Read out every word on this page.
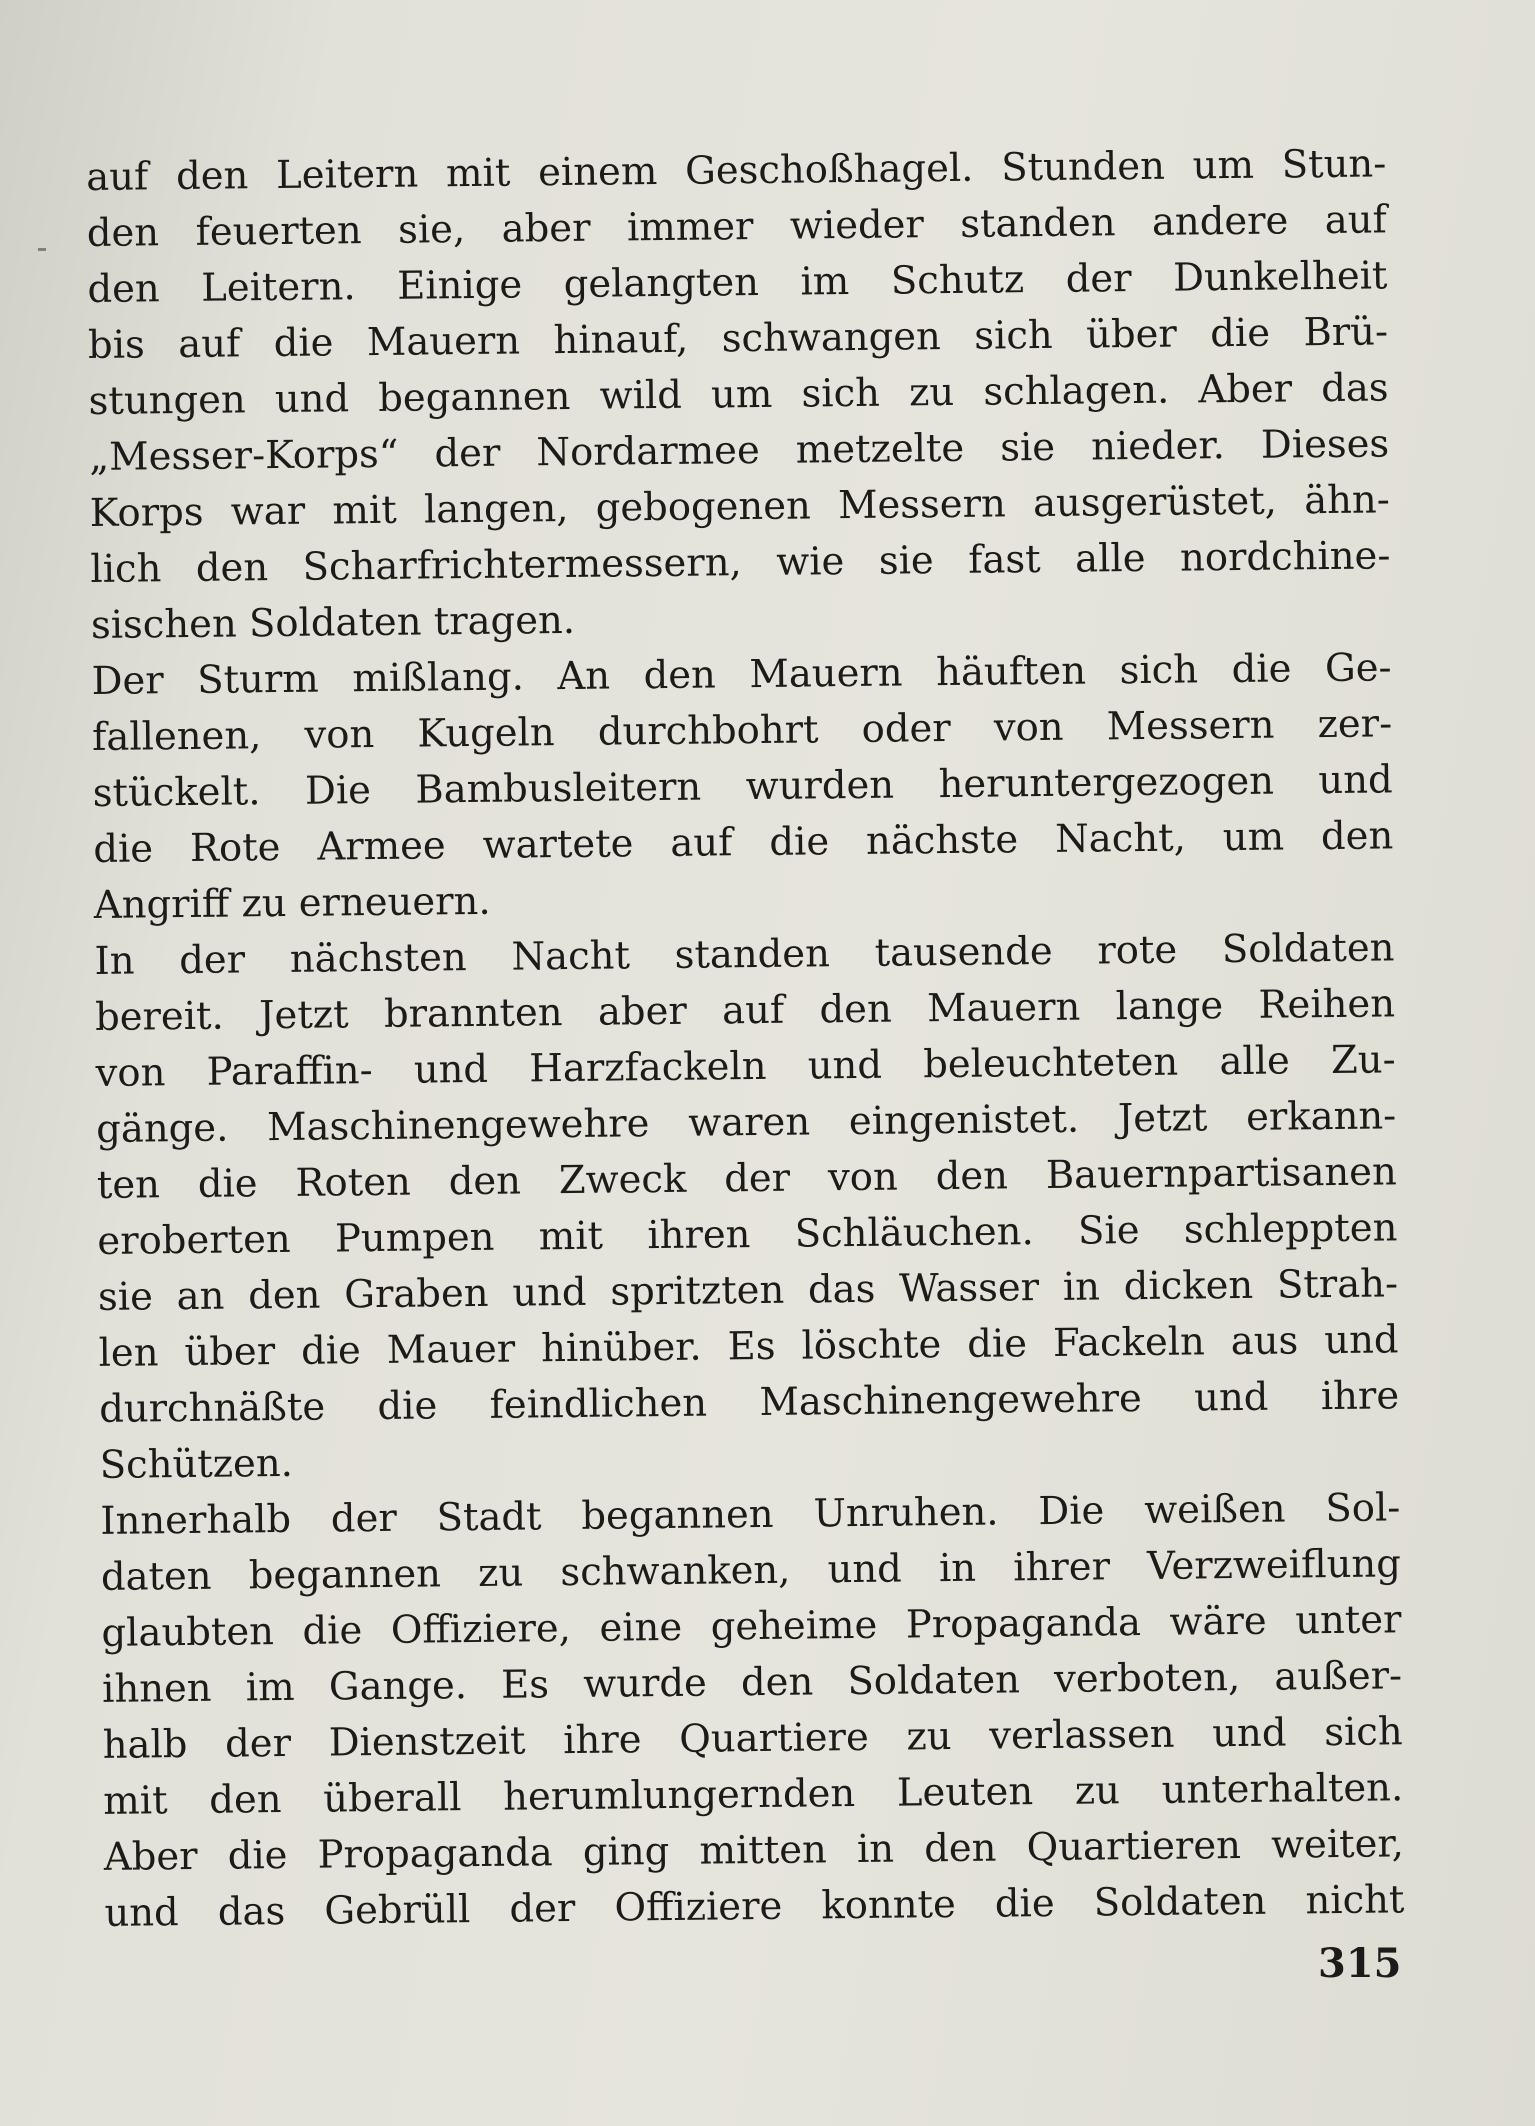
auf den Leitern mit einem Geschoßhagel. Stunden um Stun-
den feuerten sie, aber immer wieder standen andere auf
den Leitern. Einige gelangten im Schutz der Dunkelheit
bis auf die Mauern hinauf, schwangen sich über die Brü-
stungen und begannen wild um sich zu schlagen. Aber das
„Messer-Korps“ der Nordarmee metzelte sie nieder. Dieses
Korps war mit langen, gebogenen Messern ausgerüstet, ähn-
lich den Scharfrichtermessern, wie sie fast alle nordchine-
sischen Soldaten tragen.
Der Sturm mißlang. An den Mauern häuften sich die Ge-
fallenen, von Kugeln durchbohrt oder von Messern zer-
stückelt. Die Bambusleitern wurden heruntergezogen und
die Rote Armee wartete auf die nächste Nacht, um den
Angriff zu erneuern.
In der nächsten Nacht standen tausende rote Soldaten
bereit. Jetzt brannten aber auf den Mauern lange Reihen
von Paraffin- und Harzfackeln und beleuchteten alle Zu-
gänge. Maschinengewehre waren eingenistet. Jetzt erkann-
ten die Roten den Zweck der von den Bauernpartisanen
eroberten Pumpen mit ihren Schläuchen. Sie schleppten
sie an den Graben und spritzten das Wasser in dicken Strah-
len über die Mauer hinüber. Es löschte die Fackeln aus und
durchnäßte die feindlichen Maschinengewehre und ihre
Schützen.
Innerhalb der Stadt begannen Unruhen. Die weißen Sol-
daten begannen zu schwanken, und in ihrer Verzweiflung
glaubten die Offiziere, eine geheime Propaganda wäre unter
ihnen im Gange. Es wurde den Soldaten verboten, außer-
halb der Dienstzeit ihre Quartiere zu verlassen und sich
mit den überall herumlungernden Leuten zu unterhalten.
Aber die Propaganda ging mitten in den Quartieren weiter,
und das Gebrüll der Offiziere konnte die Soldaten nicht
315
